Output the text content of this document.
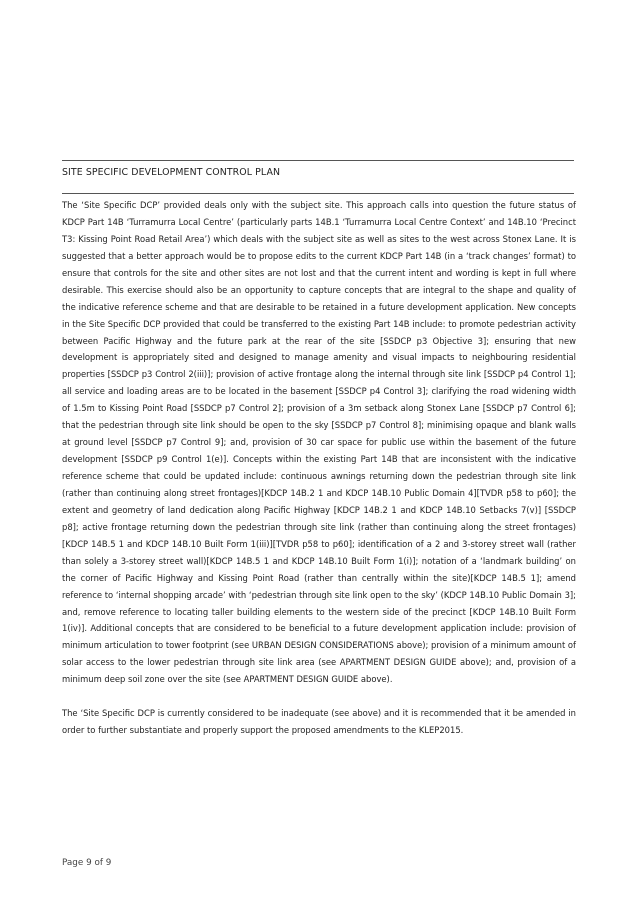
SITE SPECIFIC DEVELOPMENT CONTROL PLAN

The ‘Site Specific DCP’ provided deals only with the subject site. This approach calls into question the future status of KDCP Part 14B ‘Turramurra Local Centre’ (particularly parts 14B.1 ‘Turramurra Local Centre Context’ and 14B.10 ‘Precinct T3: Kissing Point Road Retail Area’) which deals with the subject site as well as sites to the west across Stonex Lane. It is suggested that a better approach would be to propose edits to the current KDCP Part 14B (in a ‘track changes’ format) to ensure that controls for the site and other sites are not lost and that the current intent and wording is kept in full where desirable. This exercise should also be an opportunity to capture concepts that are integral to the shape and quality of the indicative reference scheme and that are desirable to be retained in a future development application. New concepts in the Site Specific DCP provided that could be transferred to the existing Part 14B include: to promote pedestrian activity between Pacific Highway and the future park at the rear of the site [SSDCP p3 Objective 3]; ensuring that new development is appropriately sited and designed to manage amenity and visual impacts to neighbouring residential properties [SSDCP p3 Control 2(iii)]; provision of active frontage along the internal through site link [SSDCP p4 Control 1]; all service and loading areas are to be located in the basement [SSDCP p4 Control 3]; clarifying the road widening width of 1.5m to Kissing Point Road [SSDCP p7 Control 2]; provision of a 3m setback along Stonex Lane [SSDCP p7 Control 6]; that the pedestrian through site link should be open to the sky [SSDCP p7 Control 8]; minimising opaque and blank walls at ground level [SSDCP p7 Control 9]; and, provision of 30 car space for public use within the basement of the future development [SSDCP p9 Control 1(e)]. Concepts within the existing Part 14B that are inconsistent with the indicative reference scheme that could be updated include: continuous awnings returning down the pedestrian through site link (rather than continuing along street frontages)[KDCP 14B.2 1 and KDCP 14B.10 Public Domain 4][TVDR p58 to p60]; the extent and geometry of land dedication along Pacific Highway [KDCP 14B.2 1 and KDCP 14B.10 Setbacks 7(v)] [SSDCP p8]; active frontage returning down the pedestrian through site link (rather than continuing along the street frontages)[KDCP 14B.5 1 and KDCP 14B.10 Built Form 1(iii)][TVDR p58 to p60]; identification of a 2 and 3-storey street wall (rather than solely a 3-storey street wall)[KDCP 14B.5 1 and KDCP 14B.10 Built Form 1(i)]; notation of a ‘landmark building’ on the corner of Pacific Highway and Kissing Point Road (rather than centrally within the site)[KDCP 14B.5 1]; amend reference to ‘internal shopping arcade’ with ‘pedestrian through site link open to the sky’ (KDCP 14B.10 Public Domain 3]; and, remove reference to locating taller building elements to the western side of the precinct [KDCP 14B.10 Built Form 1(iv)]. Additional concepts that are considered to be beneficial to a future development application include: provision of minimum articulation to tower footprint (see URBAN DESIGN CONSIDERATIONS above); provision of a minimum amount of solar access to the lower pedestrian through site link area (see APARTMENT DESIGN GUIDE above); and, provision of a minimum deep soil zone over the site (see APARTMENT DESIGN GUIDE above).

The ‘Site Specific DCP is currently considered to be inadequate (see above) and it is recommended that it be amended in order to further substantiate and properly support the proposed amendments to the KLEP2015.

Page 9 of 9
